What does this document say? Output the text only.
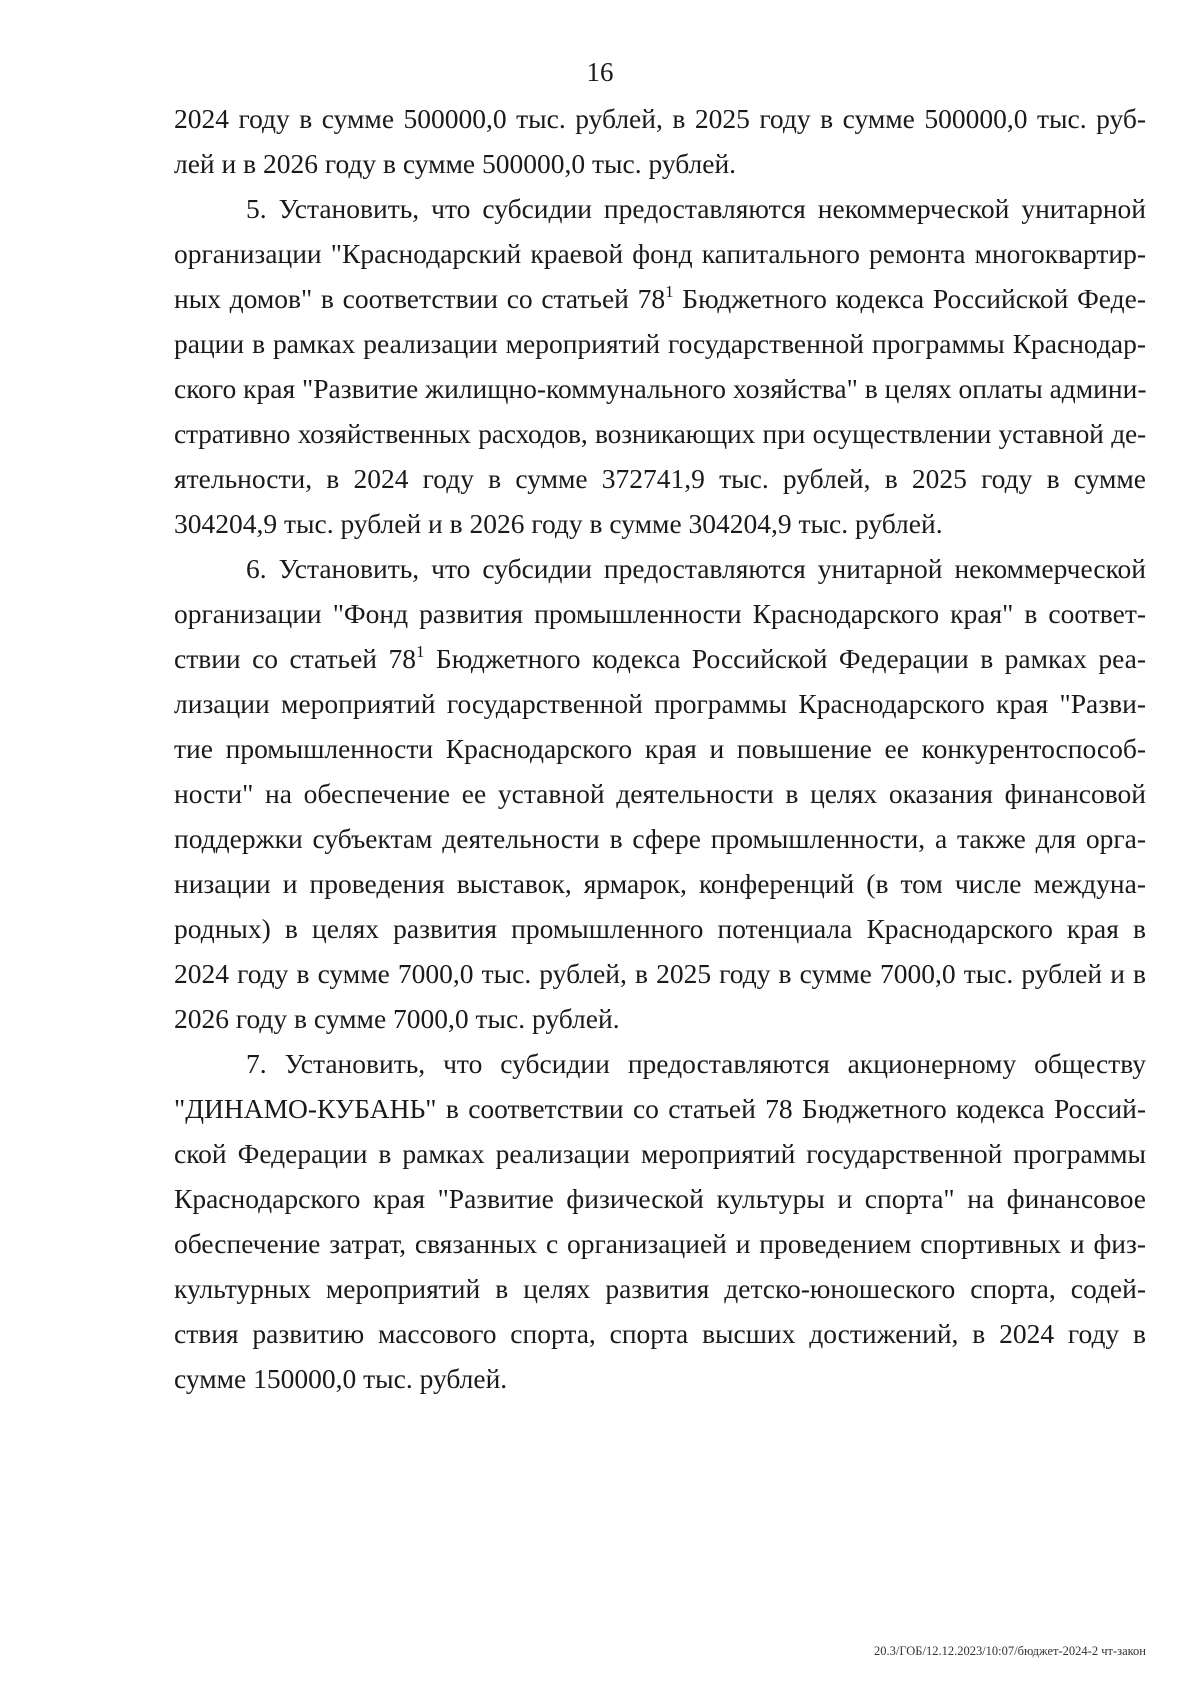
16
2024 году в сумме 500000,0 тыс. рублей, в 2025 году в сумме 500000,0 тыс. руб-
лей и в 2026 году в сумме 500000,0 тыс. рублей.
5. Установить, что субсидии предоставляются некоммерческой унитарной
организации "Краснодарский краевой фонд капитального ремонта многоквартир-
ных домов" в соответствии со статьей $78^1$ Бюджетного кодекса Российской Феде-
рации в рамках реализации мероприятий государственной программы Краснодар-
ского края "Развитие жилищно-коммунального хозяйства" в целях оплаты админи-
стративно хозяйственных расходов, возникающих при осуществлении уставной де-
ятельности, в 2024 году в сумме 372741,9 тыс. рублей, в 2025 году в сумме
304204,9 тыс. рублей и в 2026 году в сумме 304204,9 тыс. рублей.
6. Установить, что субсидии предоставляются унитарной некоммерческой
организации "Фонд развития промышленности Краснодарского края" в соответ-
ствии со статьей $78^1$ Бюджетного кодекса Российской Федерации в рамках реа-
лизации мероприятий государственной программы Краснодарского края "Разви-
тие промышленности Краснодарского края и повышение ее конкурентоспособ-
ности" на обеспечение ее уставной деятельности в целях оказания финансовой
поддержки субъектам деятельности в сфере промышленности, а также для орга-
низации и проведения выставок, ярмарок, конференций (в том числе междуна-
родных) в целях развития промышленного потенциала Краснодарского края в
2024 году в сумме 7000,0 тыс. рублей, в 2025 году в сумме 7000,0 тыс. рублей и в
2026 году в сумме 7000,0 тыс. рублей.
7. Установить, что субсидии предоставляются акционерному обществу
"ДИНАМО-КУБАНЬ" в соответствии со статьей 78 Бюджетного кодекса Россий-
ской Федерации в рамках реализации мероприятий государственной программы
Краснодарского края "Развитие физической культуры и спорта" на финансовое
обеспечение затрат, связанных с организацией и проведением спортивных и физ-
культурных мероприятий в целях развития детско-юношеского спорта, содей-
ствия развитию массового спорта, спорта высших достижений, в 2024 году в
сумме 150000,0 тыс. рублей.
20.3/ГОБ/12.12.2023/10:07/бюджет-2024-2 чт-закон
